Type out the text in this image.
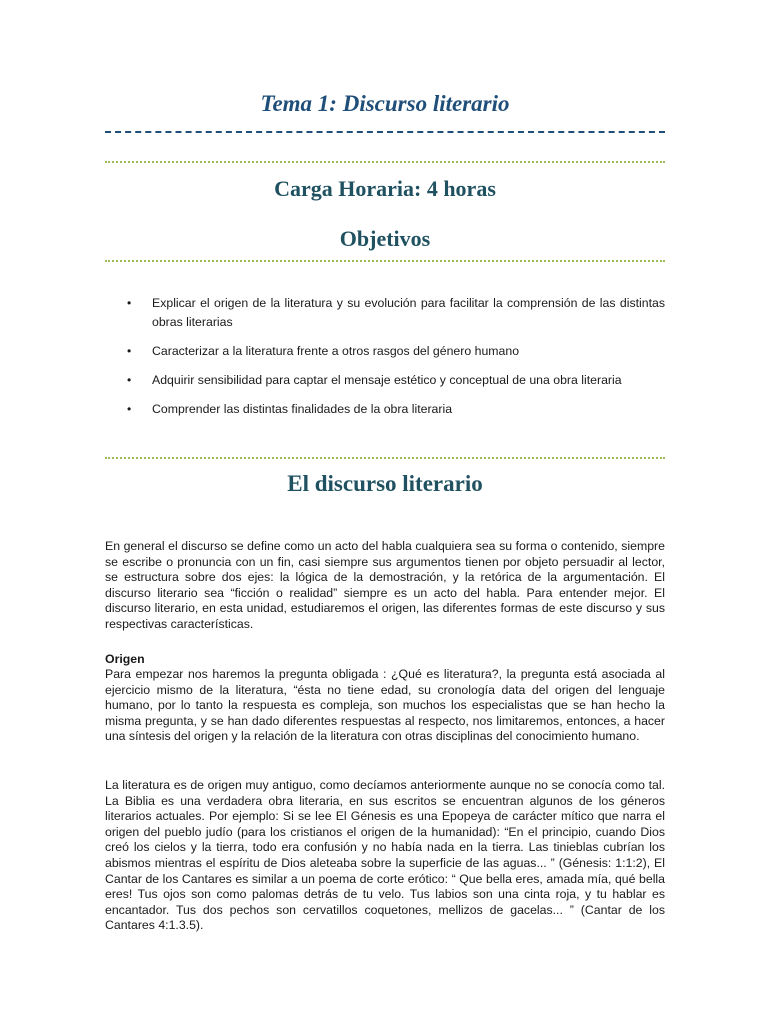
Tema 1: Discurso literario
Carga Horaria: 4 horas
Objetivos
• Explicar el origen de la literatura y su evolución para facilitar la comprensión de las distintas obras literarias
• Caracterizar a la literatura frente a otros rasgos del género humano
• Adquirir sensibilidad para captar el mensaje estético y conceptual de una obra literaria
• Comprender las distintas finalidades de la obra literaria
El discurso literario

En general el discurso se define como un acto del habla cualquiera sea su forma o contenido, siempre se escribe o pronuncia con un fin, casi siempre sus argumentos tienen por objeto persuadir al lector, se estructura sobre dos ejes: la lógica de la demostración, y la retórica de la argumentación. El discurso literario sea “ficción o realidad” siempre es un acto del habla. Para entender mejor. El discurso literario, en esta unidad, estudiaremos el origen, las diferentes formas de este discurso y sus respectivas características.

Origen

Para empezar nos haremos la pregunta obligada : ¿Qué es literatura?, la pregunta está asociada al ejercicio mismo de la literatura, “ésta no tiene edad, su cronología data del origen del lenguaje humano, por lo tanto la respuesta es compleja, son muchos los especialistas que se han hecho la misma pregunta, y se han dado diferentes respuestas al respecto, nos limitaremos, entonces, a hacer una síntesis del origen y la relación de la literatura con otras disciplinas del conocimiento humano.

La literatura es de origen muy antiguo, como decíamos anteriormente aunque no se conocía como tal. La Biblia es una verdadera obra literaria, en sus escritos se encuentran algunos de los géneros literarios actuales. Por ejemplo: Si se lee El Génesis es una Epopeya de carácter mítico que narra el origen del pueblo judío (para los cristianos el origen de la humanidad): “En el principio, cuando Dios creó los cielos y la tierra, todo era confusión y no había nada en la tierra. Las tinieblas cubrían los abismos mientras el espíritu de Dios aleteaba sobre la superficie de las aguas... ” (Génesis: 1:1:2), El Cantar de los Cantares es similar a un poema de corte erótico: “ Que bella eres, amada mía, qué bella eres! Tus ojos son como palomas detrás de tu velo. Tus labios son una cinta roja, y tu hablar es encantador. Tus dos pechos son cervatillos coquetones, mellizos de gacelas... ” (Cantar de los Cantares 4:1.3.5).
